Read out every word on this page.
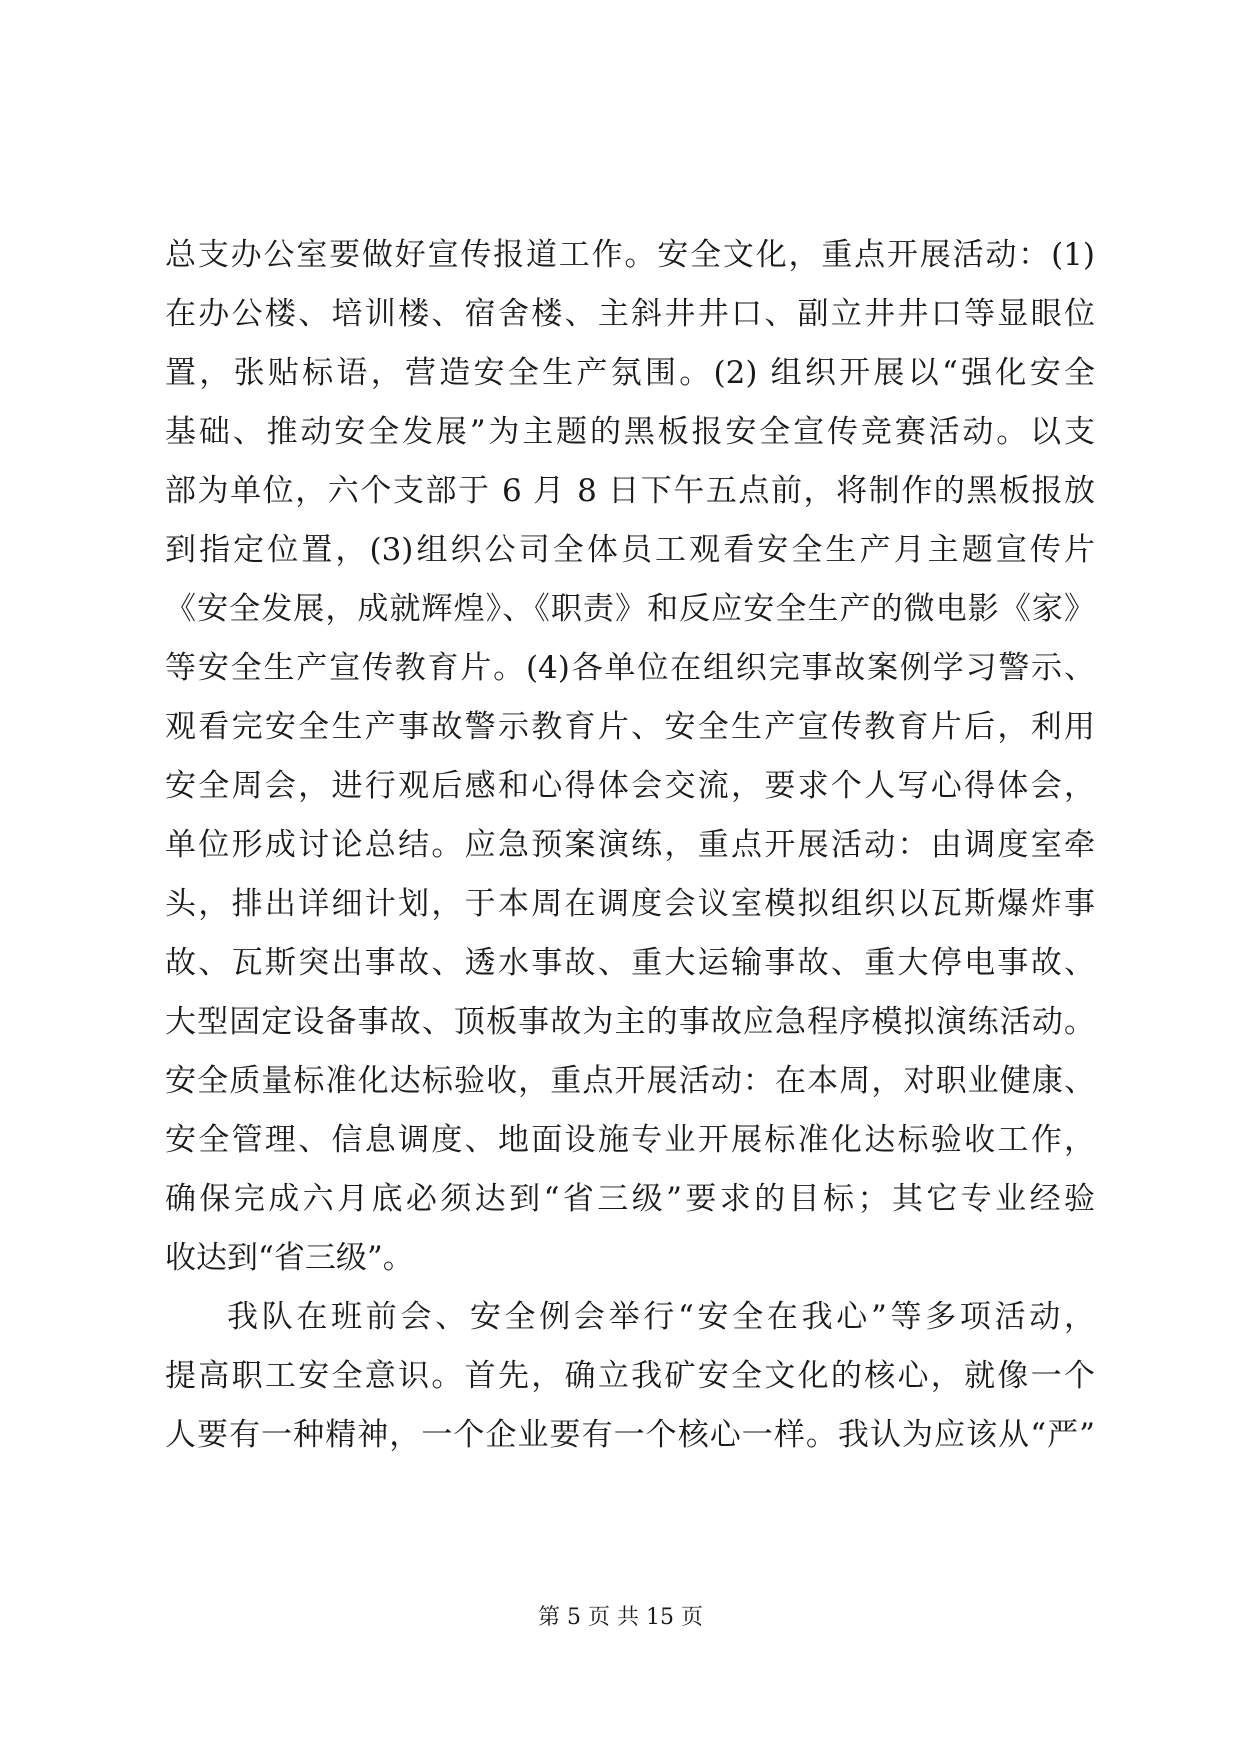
总支办公室要做好宣传报道工作。安全文化，重点开展活动：(1)
在办公楼、培训楼、宿舍楼、主斜井井口、副立井井口等显眼位
置，张贴标语，营造安全生产氛围。(2) 组织开展以“强化安全
基础、推动安全发展”为主题的黑板报安全宣传竞赛活动。以支
部为单位，六个支部于 6 月 8 日下午五点前，将制作的黑板报放
到指定位置，(3)组织公司全体员工观看安全生产月主题宣传片
《安全发展，成就辉煌》、《职责》和反应安全生产的微电影《家》
等安全生产宣传教育片。(4)各单位在组织完事故案例学习警示、
观看完安全生产事故警示教育片、安全生产宣传教育片后，利用
安全周会，进行观后感和心得体会交流，要求个人写心得体会，
单位形成讨论总结。应急预案演练，重点开展活动：由调度室牵
头，排出详细计划，于本周在调度会议室模拟组织以瓦斯爆炸事
故、瓦斯突出事故、透水事故、重大运输事故、重大停电事故、
大型固定设备事故、顶板事故为主的事故应急程序模拟演练活动。
安全质量标准化达标验收，重点开展活动：在本周，对职业健康、
安全管理、信息调度、地面设施专业开展标准化达标验收工作，
确保完成六月底必须达到“省三级”要求的目标；其它专业经验
收达到“省三级”。
我队在班前会、安全例会举行“安全在我心”等多项活动，
提高职工安全意识。首先，确立我矿安全文化的核心，就像一个
人要有一种精神，一个企业要有一个核心一样。我认为应该从“严”
第 5 页 共 15 页
